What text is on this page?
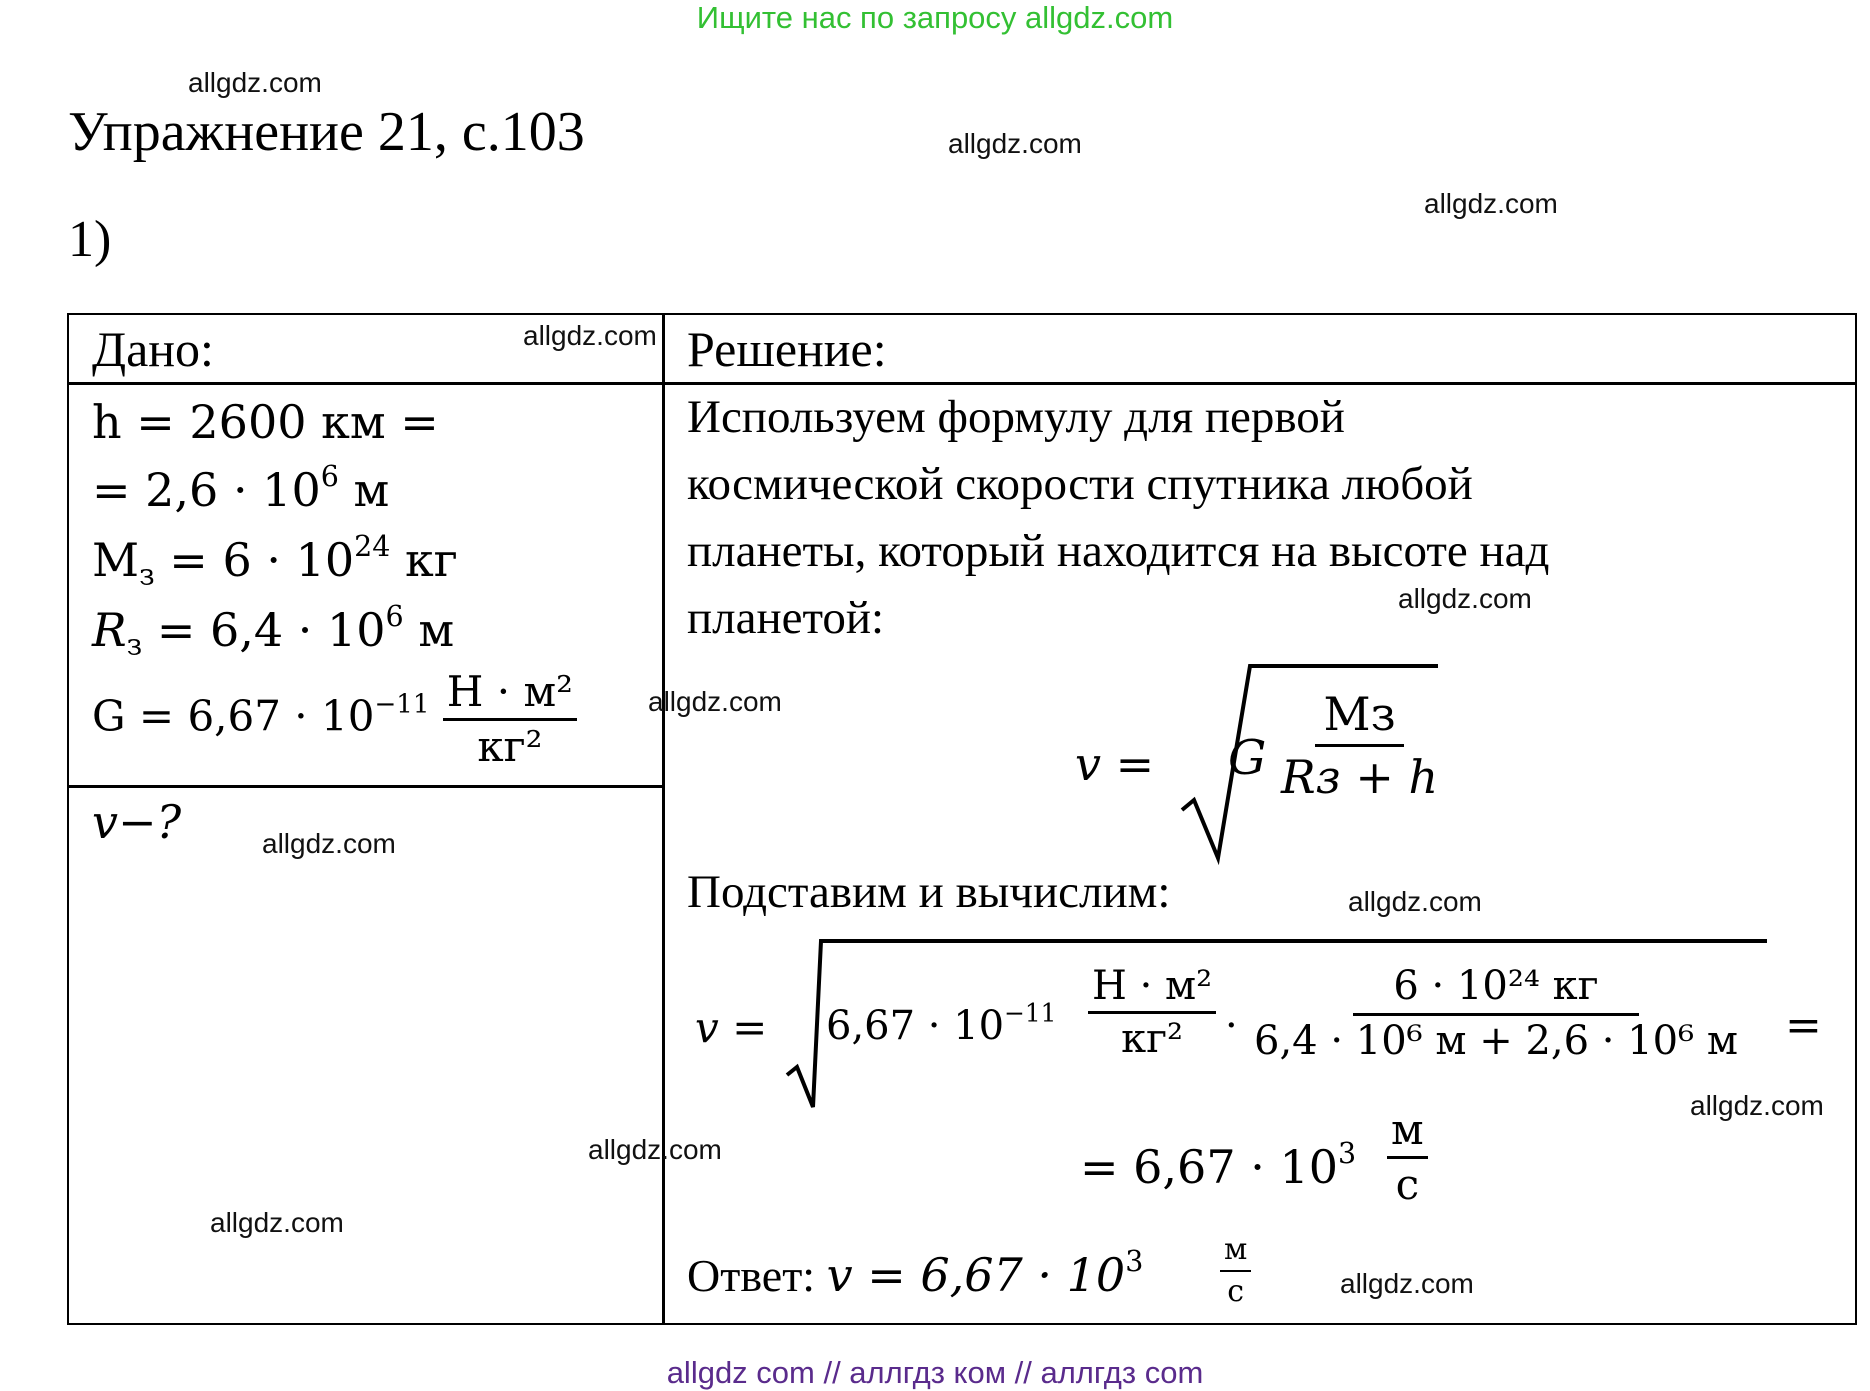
Ищите нас по запросу allgdz.com
allgdz.com
allgdz.com
allgdz.com
Упражнение 21, с.103
1)
Дано:	Решение:
allgdz.com
h = 2600 км =
= $2,6 \cdot 10^6$ м
$M_з = 6 \cdot 10^{24}$ кг
$R_з = 6,4 \cdot 10^6$ м
$G = 6,67 \cdot 10^{-11} \frac{\text{Н · м²}}{\text{кг²}}$
v−?	allgdz.com
allgdz.com
allgdz.com
allgdz.com
Используем формулу для первой
космической скорости спутника любой
планеты, который находится на высоте над
планетой:	allgdz.com
v = G $\frac{Mз}{Rз + h}$
Подставим и вычислим:	allgdz.com
$v = 6,67 \cdot 10^{-11} \frac{\text{Н · м²}}{\text{кг²}} \cdot \frac{\text{6 · 10²⁴ кг}}{\text{6,4 · 10⁶ м + 2,6 · 10⁶ м}}$ =
allgdz.com
= $6,67 \cdot 10^3 \frac{м}{с}$
Ответ: $v = 6,67 \cdot 10^3$	$\frac{м}{с}$	allgdz.com
allgdz com // аллгдз ком // аллгдз com
